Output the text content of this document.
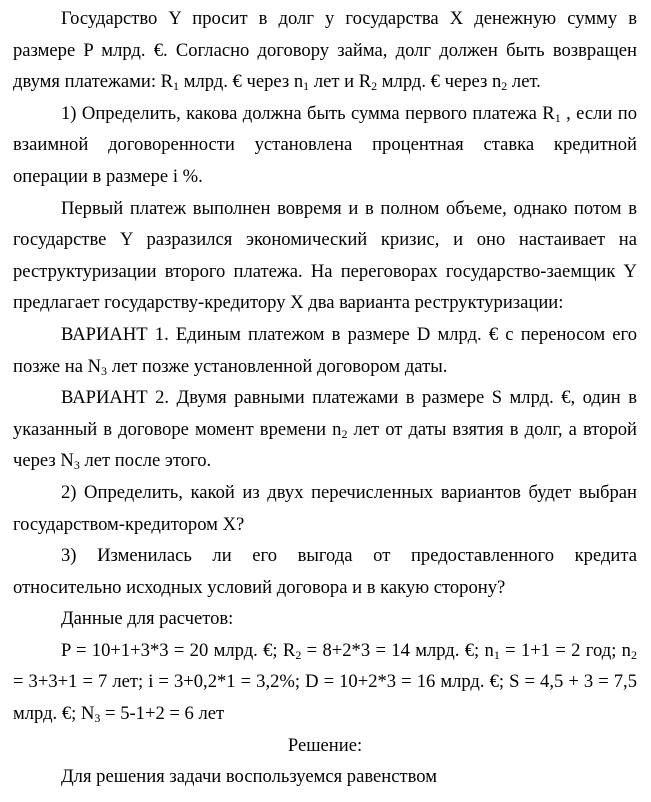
Государство Y просит в долг у государства X денежную сумму в размере P млрд. €. Согласно договору займа, долг должен быть возвращен двумя платежами: $R_1$ млрд. € через $n_1$ лет и $R_2$ млрд. € через $n_2$ лет.

1) Определить, какова должна быть сумма первого платежа $R_1$ , если по взаимной договоренности установлена процентная ставка кредитной операции в размере i %.

Первый платеж выполнен вовремя и в полном объеме, однако потом в государстве Y разразился экономический кризис, и оно настаивает на реструктуризации второго платежа. На переговорах государство-заемщик Y предлагает государству-кредитору X два варианта реструктуризации:

ВАРИАНТ 1. Единым платежом в размере D млрд. € с переносом его позже на $N_3$ лет позже установленной договором даты.

ВАРИАНТ 2. Двумя равными платежами в размере S млрд. €, один в указанный в договоре момент времени $n_2$ лет от даты взятия в долг, а второй через $N_3$ лет после этого.

2) Определить, какой из двух перечисленных вариантов будет выбран государством-кредитором X?

3) Изменилась ли его выгода от предоставленного кредита относительно исходных условий договора и в какую сторону?

Данные для расчетов:

P = 10+1+3*3 = 20 млрд. €; $R_2 = 8+2*3 = 14$ млрд. €; $n_1 = 1+1 = 2$ год; $n_2 = 3+3+1 = 7$ лет; i = 3+0,2*1 = 3,2%; D = 10+2*3 = 16 млрд. €; S = 4,5 + 3 = 7,5 млрд. €; $N_3 = 5-1+2 = 6$ лет

Решение:

Для решения задачи воспользуемся равенством
